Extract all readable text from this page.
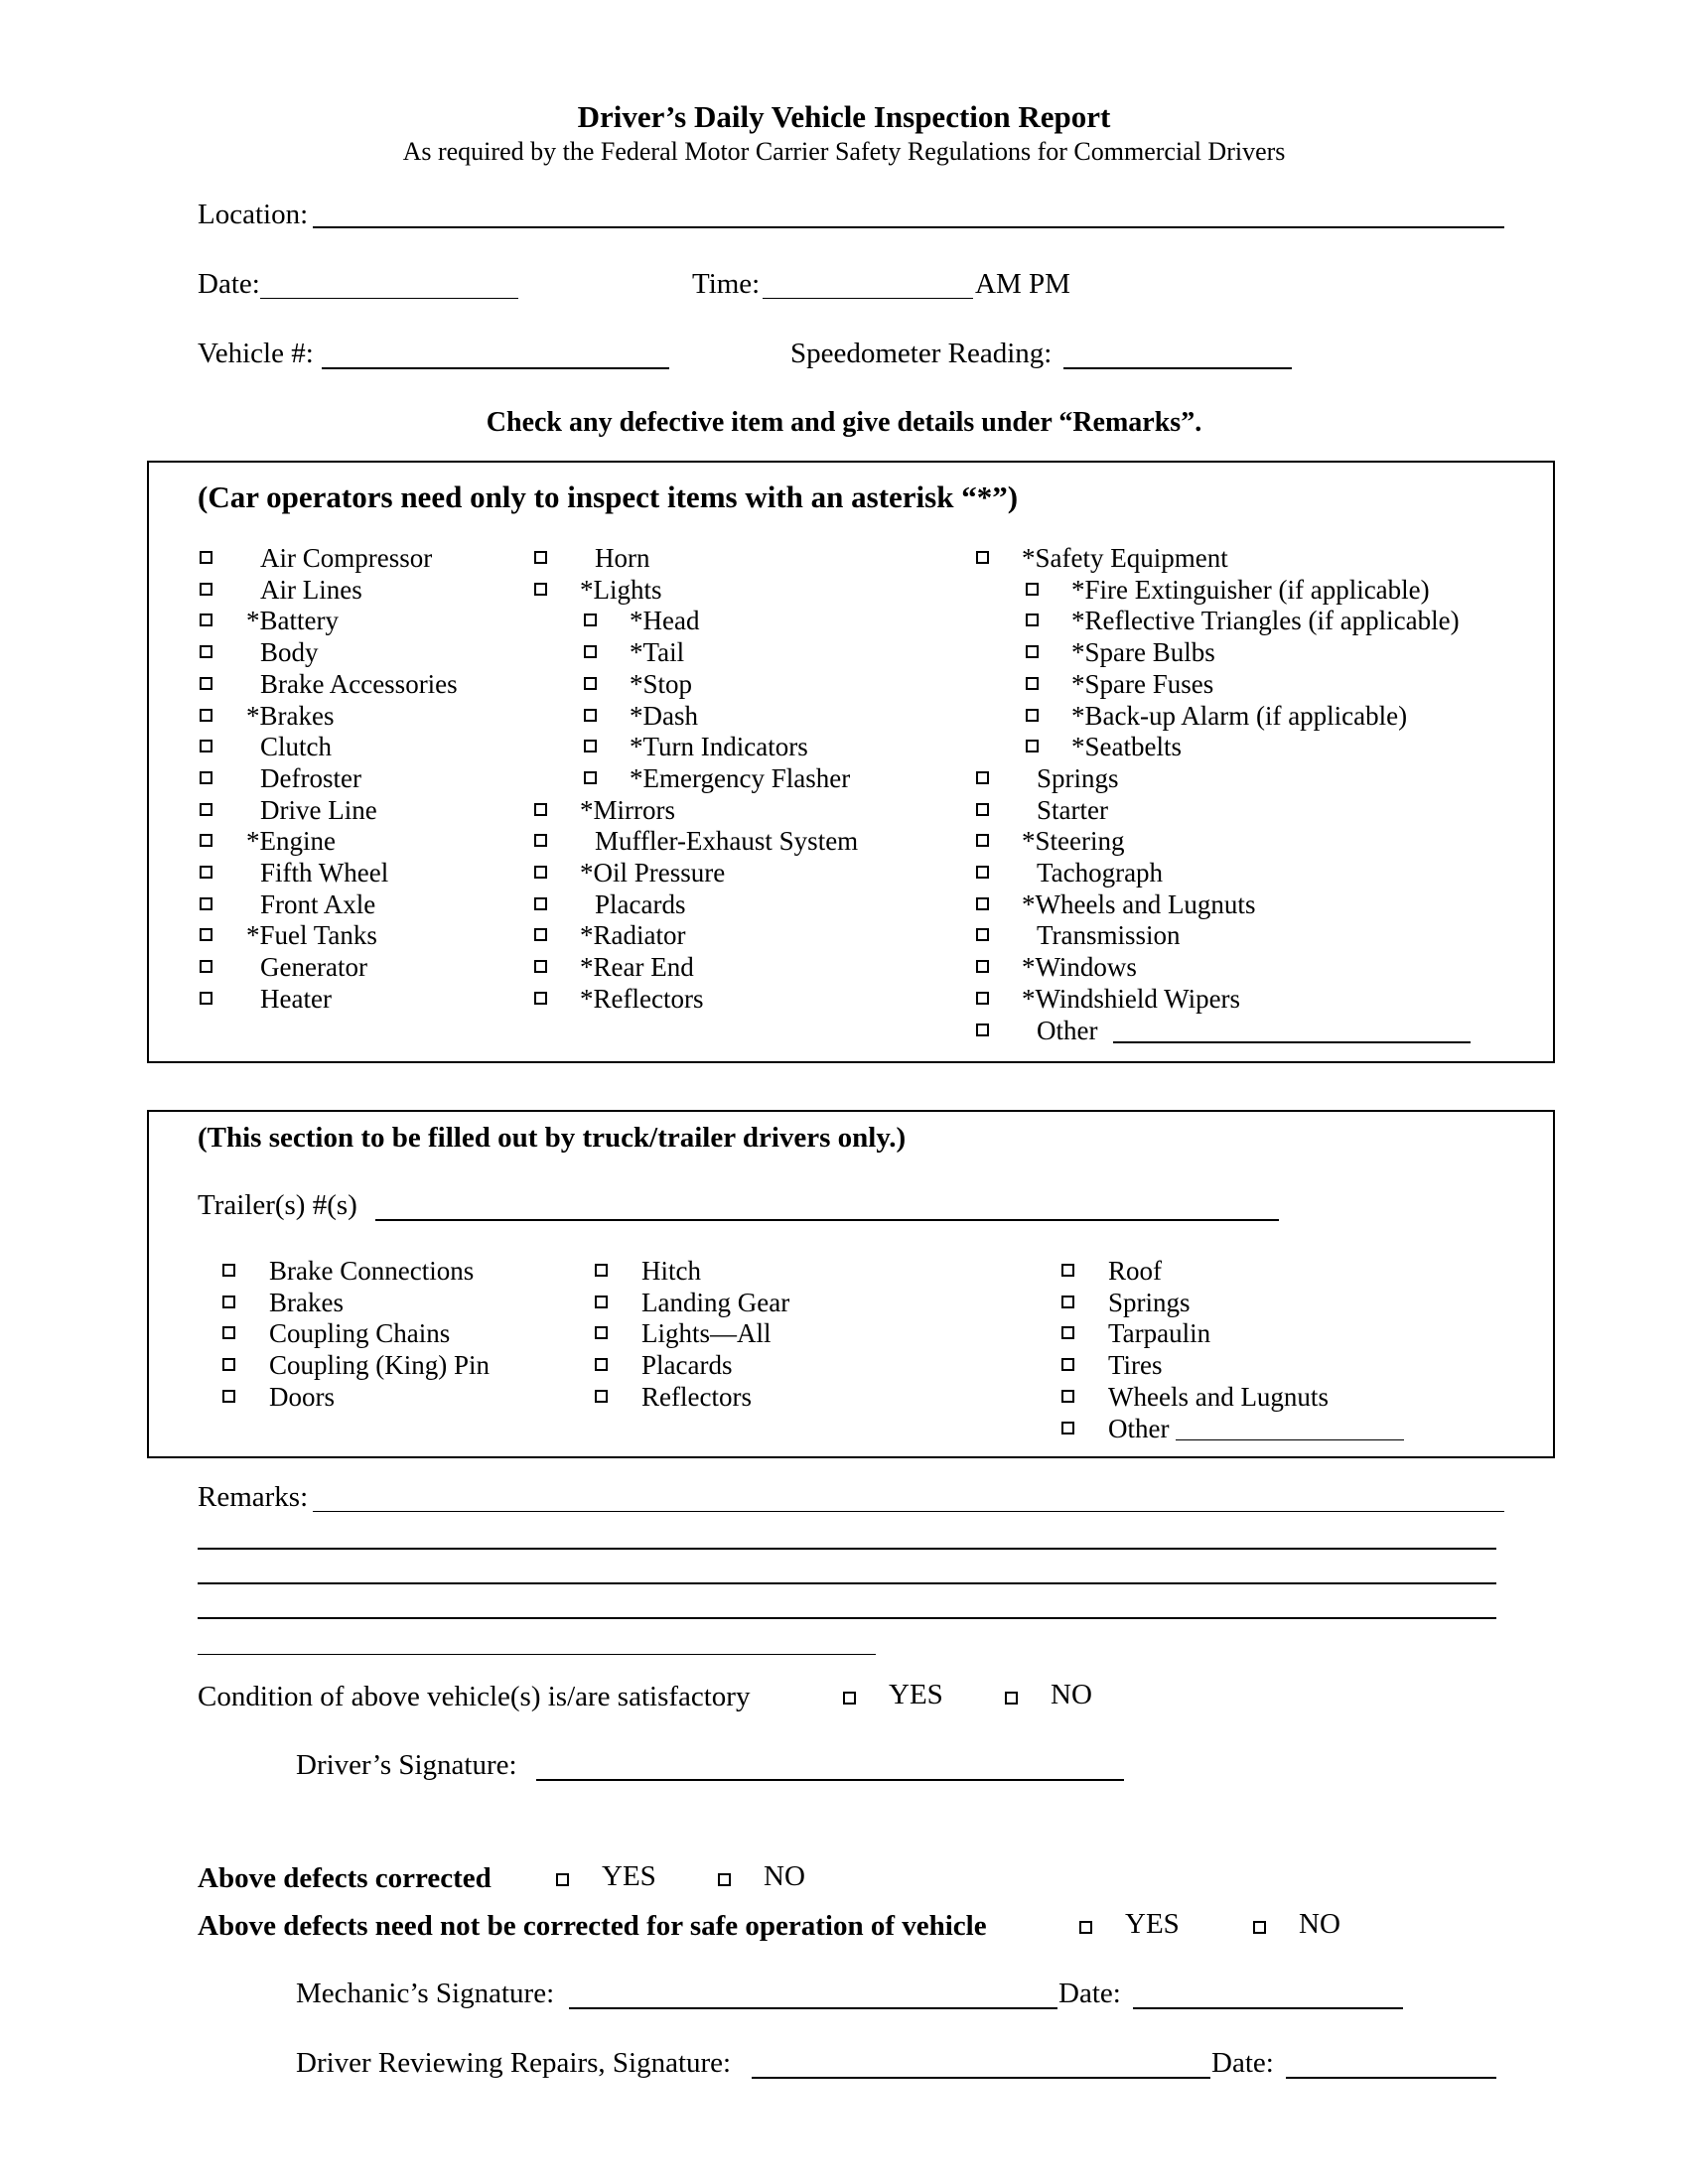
Driver’s Daily Vehicle Inspection Report
As required by the Federal Motor Carrier Safety Regulations for Commercial Drivers
Location:
Date:	Time:	AM PM
Vehicle #:	Speedometer Reading:
Check any defective item and give details under “Remarks”.
(Car operators need only to inspect items with an asterisk “*”)
Air Compressor
Air Lines
*Battery
Body
Brake Accessories
*Brakes
Clutch
Defroster
Drive Line
*Engine
Fifth Wheel
Front Axle
*Fuel Tanks
Generator
Heater
Horn
*Lights
*Head
*Tail
*Stop
*Dash
*Turn Indicators
*Emergency Flasher
*Mirrors
Muffler-Exhaust System
*Oil Pressure
Placards
*Radiator
*Rear End
*Reflectors
*Safety Equipment
*Fire Extinguisher (if applicable)
*Reflective Triangles (if applicable)
*Spare Bulbs
*Spare Fuses
*Back-up Alarm (if applicable)
*Seatbelts
Springs
Starter
*Steering
Tachograph
*Wheels and Lugnuts
Transmission
*Windows
*Windshield Wipers
Other
(This section to be filled out by truck/trailer drivers only.)
Trailer(s) #(s)
Brake Connections
Brakes
Coupling Chains
Coupling (King) Pin
Doors
Hitch
Landing Gear
Lights—All
Placards
Reflectors
Roof
Springs
Tarpaulin
Tires
Wheels and Lugnuts
Other
Remarks:
Condition of above vehicle(s) is/are satisfactory	YES	NO
Driver’s Signature:
Above defects corrected	YES	NO
Above defects need not be corrected for safe operation of vehicle	YES	NO
Mechanic’s Signature:	Date:
Driver Reviewing Repairs, Signature:	Date:
